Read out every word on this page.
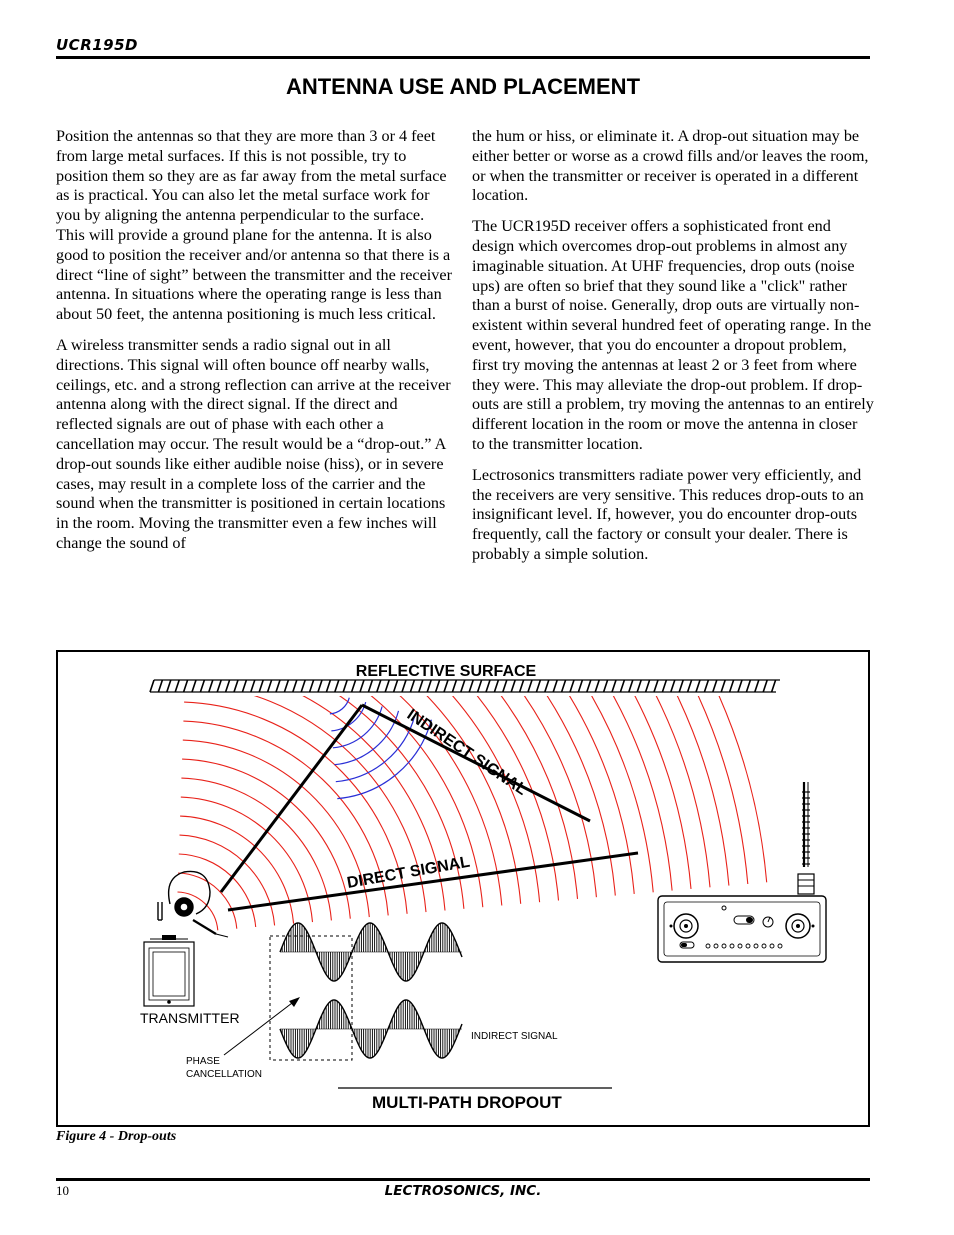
UCR195D
ANTENNA USE AND PLACEMENT

Position the antennas so that they are more than 3 or 4 feet from large metal surfaces. If this is not possible, try to position them so they are as far away from the metal surface as is practical. You can also let the metal surface work for you by aligning the antenna perpendicular to the surface. This will provide a ground plane for the antenna. It is also good to position the receiver and/or antenna so that there is a direct “line of sight” between the transmitter and the receiver antenna. In situations where the operating range is less than about 50 feet, the antenna positioning is much less critical.

A wireless transmitter sends a radio signal out in all directions. This signal will often bounce off nearby walls, ceilings, etc. and a strong reflection can arrive at the receiver antenna along with the direct signal. If the direct and reflected signals are out of phase with each other a cancellation may occur. The result would be a “drop-out.” A drop-out sounds like either audible noise (hiss), or in severe cases, may result in a complete loss of the carrier and the sound when the transmitter is positioned in certain locations in the room. Moving the transmitter even a few inches will change the sound of

the hum or hiss, or eliminate it. A drop-out situation may be either better or worse as a crowd fills and/or leaves the room, or when the transmitter or receiver is operated in a different location.

The UCR195D receiver offers a sophisticated front end design which overcomes drop-out problems in almost any imaginable situation. At UHF frequencies, drop outs (noise ups) are often so brief that they sound like a "click" rather than a burst of noise. Generally, drop outs are virtually non-existent within several hundred feet of operating range. In the event, however, that you do encounter a dropout problem, first try moving the antennas at least 2 or 3 feet from where they were. This may alleviate the drop-out problem. If drop-outs are still a problem, try moving the antennas to an entirely different location in the room or move the antenna in closer to the transmitter location.

Lectrosonics transmitters radiate power very efficiently, and the receivers are very sensitive. This reduces drop-outs to an insignificant level. If, however, you do encounter drop-outs frequently, call the factory or consult your dealer. There is probably a simple solution.

REFLECTIVE SURFACE
INDIRECT SIGNAL
DIRECT SIGNAL
TRANSMITTER
PHASE
CANCELLATION
INDIRECT SIGNAL
MULTI-PATH DROPOUT
Figure 4 - Drop-outs
10	LECTROSONICS, INC.
